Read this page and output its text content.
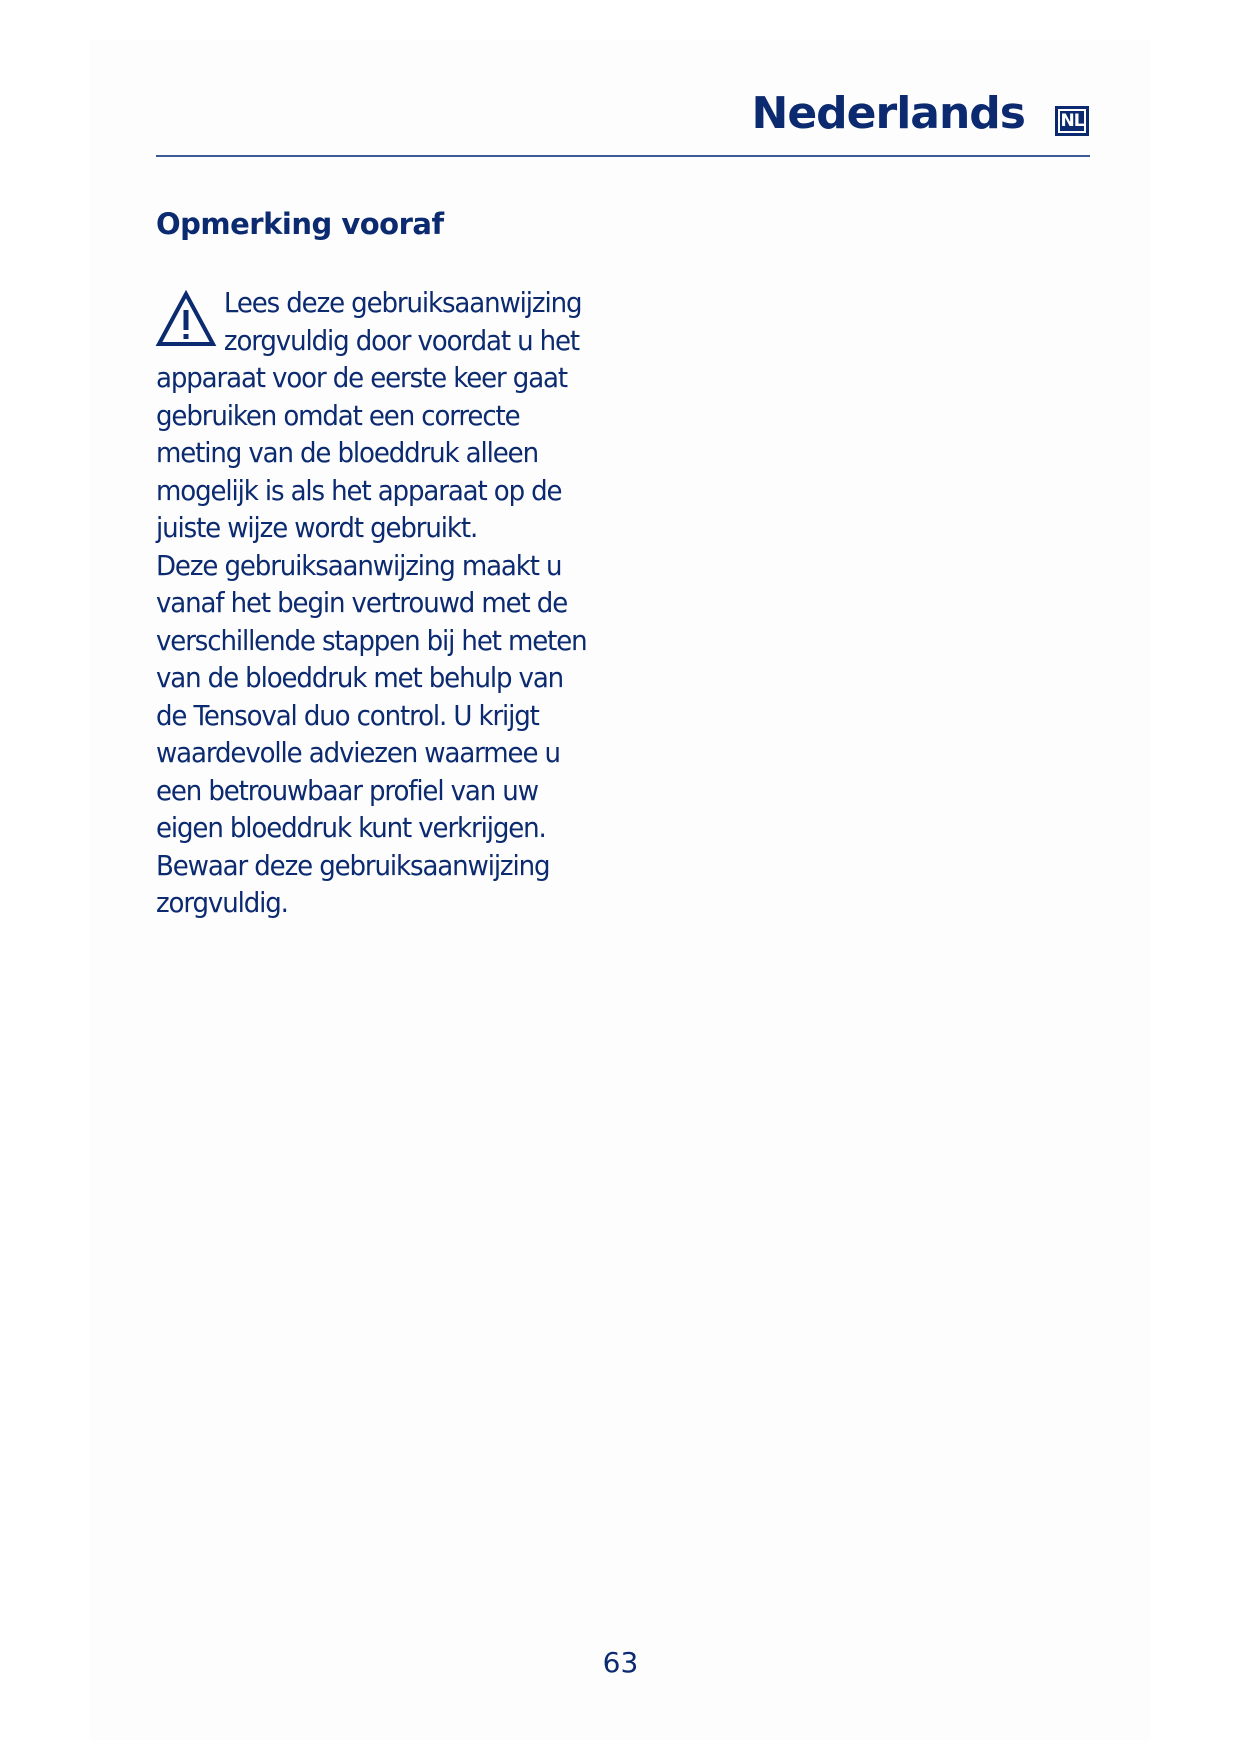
Nederlands	NL
Opmerking vooraf
Lees deze gebruiksaanwijzing
zorgvuldig door voordat u het
apparaat voor de eerste keer gaat
gebruiken omdat een correcte
meting van de bloeddruk alleen
mogelijk is als het apparaat op de
juiste wijze wordt gebruikt.
Deze gebruiksaanwijzing maakt u
vanaf het begin vertrouwd met de
verschillende stappen bij het meten
van de bloeddruk met behulp van
de Tensoval duo control. U krijgt
waardevolle adviezen waarmee u
een betrouwbaar profiel van uw
eigen bloeddruk kunt verkrijgen.
Bewaar deze gebruiksaanwijzing
zorgvuldig.
63
